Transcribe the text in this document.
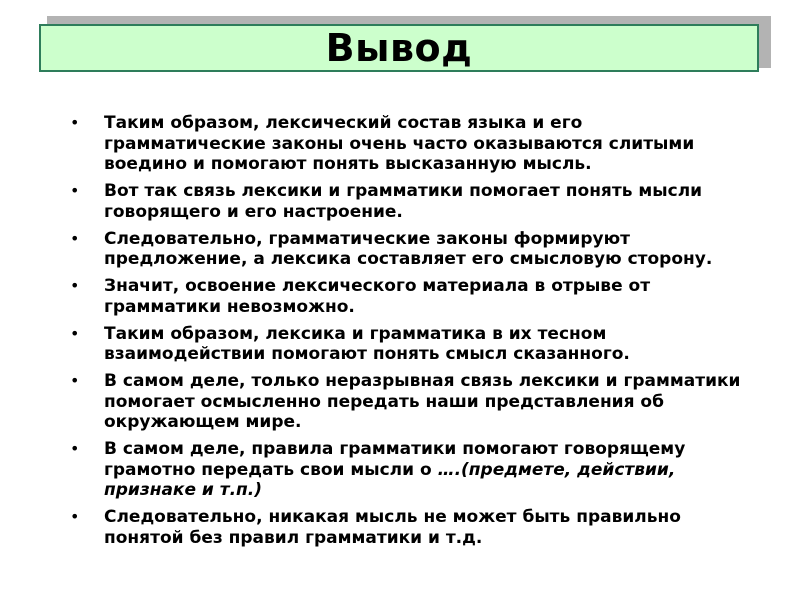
Вывод
• Таким образом, лексический состав языка и его грамматические законы очень часто оказываются слитыми воедино и помогают понять высказанную мысль.
• Вот так связь лексики и грамматики помогает понять мысли говорящего и его настроение.
• Следовательно, грамматические законы формируют предложение, а лексика составляет его смысловую сторону.
• Значит, освоение лексического материала в отрыве от грамматики невозможно.
• Таким образом, лексика и грамматика в их тесном взаимодействии помогают понять смысл сказанного.
• В самом деле, только неразрывная связь лексики и грамматики помогает осмысленно передать наши представления об окружающем мире.
• В самом деле, правила грамматики помогают говорящему грамотно передать свои мысли о ….(предмете, действии, признаке и т.п.)
• Следовательно, никакая мысль не может быть правильно понятой без правил грамматики и т.д.
